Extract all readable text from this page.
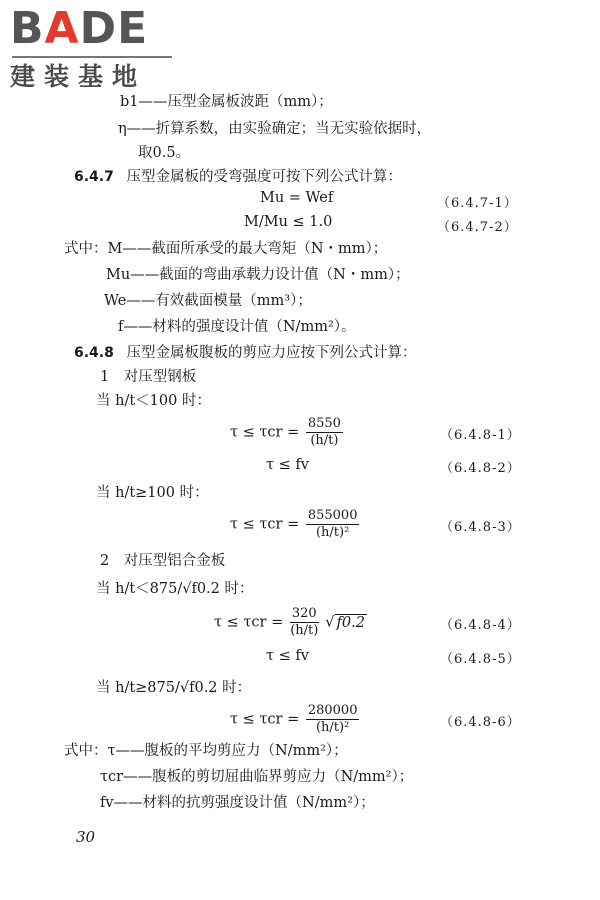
BADE
建装基地
b1——压型金属板波距（mm）；
η——折算系数，由实验确定；当无实验依据时，
取0.5。
6.4.7 压型金属板的受弯强度可按下列公式计算：
Mu = Wef	（6.4.7-1）
M/Mu ≤ 1.0	（6.4.7-2）
式中：M——截面所承受的最大弯矩（N・mm）；
Mu——截面的弯曲承载力设计值（N・mm）；
We——有效截面模量（mm³）；
f——材料的强度设计值（N/mm²）。
6.4.8 压型金属板腹板的剪应力应按下列公式计算：
1　对压型钢板
当 h/t＜100 时：
$\tau \le \tau cr = \frac{8550}{(h/t)}$	（6.4.8-1）
τ ≤ fv	（6.4.8-2）
当 h/t≥100 时：
$\tau \le \tau cr = \frac{855000}{\text{(h/t)²}}$	（6.4.8-3）
2　对压型铝合金板
当 h/t＜875/√f0.2 时：
$\tau \le \tau cr = \frac{320}{(h/t)}$ √ f0.2	（6.4.8-4）
τ ≤ fv	（6.4.8-5）
当 h/t≥875/√f0.2 时：
$\tau \le \tau cr = \frac{280000}{\text{(h/t)²}}$	（6.4.8-6）
式中：τ——腹板的平均剪应力（N/mm²）；
τcr——腹板的剪切屈曲临界剪应力（N/mm²）；
fv——材料的抗剪强度设计值（N/mm²）；
30
